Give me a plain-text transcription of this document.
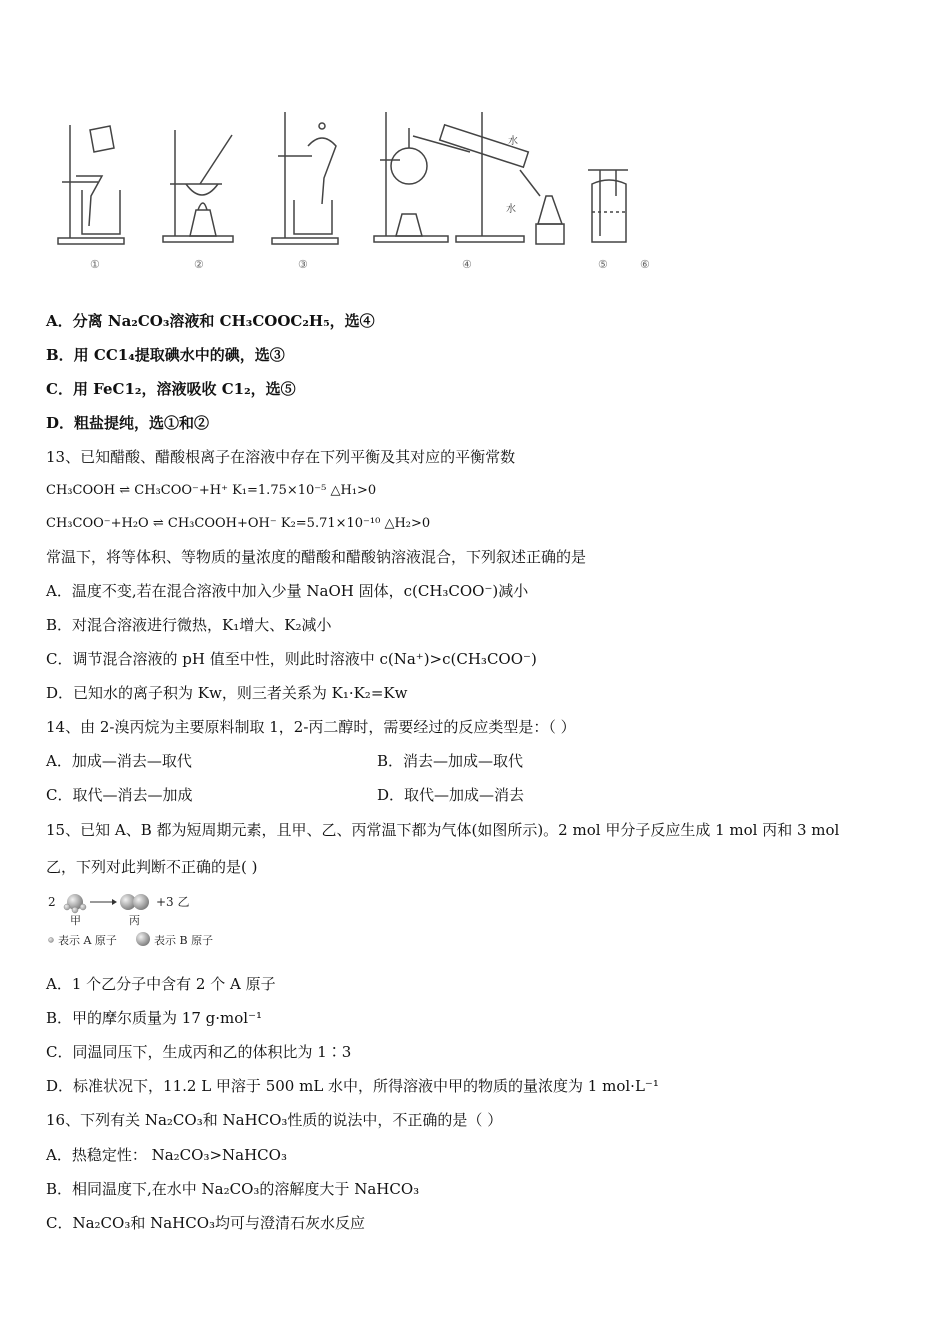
水
水
①	②	③	④	⑤	⑥
A．分离 Na₂CO₃溶液和 CH₃COOC₂H₅，选④
B．用 CC1₄提取碘水中的碘，选③
C．用 FeC1₂，溶液吸收 C1₂，选⑤
D．粗盐提纯，选①和②
13、已知醋酸、醋酸根离子在溶液中存在下列平衡及其对应的平衡常数
CH₃COOH ⇌ CH₃COO⁻+H⁺ K₁=1.75×10⁻⁵ △H₁>0
CH₃COO⁻+H₂O ⇌ CH₃COOH+OH⁻ K₂=5.71×10⁻¹⁰ △H₂>0
常温下，将等体积、等物质的量浓度的醋酸和醋酸钠溶液混合，下列叙述正确的是
A．温度不变,若在混合溶液中加入少量 NaOH 固体，c(CH₃COO⁻)减小
B．对混合溶液进行微热，K₁增大、K₂减小
C．调节混合溶液的 pH 值至中性，则此时溶液中 c(Na⁺)>c(CH₃COO⁻)
D．已知水的离子积为 Kw，则三者关系为 K₁·K₂=Kw
14、由 2-溴丙烷为主要原料制取 1，2-丙二醇时，需要经过的反应类型是：（ ）
A．加成—消去—取代	B．消去—加成—取代
C．取代—消去—加成	D．取代—加成—消去
15、已知 A、B 都为短周期元素，且甲、乙、丙常温下都为气体(如图所示)。2 mol 甲分子反应生成 1 mol 丙和 3 mol
乙，下列对此判断不正确的是( )
2	+3 乙
甲	丙
表示 A 原子	表示 B 原子
A．1 个乙分子中含有 2 个 A 原子
B．甲的摩尔质量为 17 g·mol⁻¹
C．同温同压下，生成丙和乙的体积比为 1∶3
D．标准状况下，11.2 L 甲溶于 500 mL 水中，所得溶液中甲的物质的量浓度为 1 mol·L⁻¹
16、下列有关 Na₂CO₃和 NaHCO₃性质的说法中，不正确的是（ ）
A．热稳定性： Na₂CO₃>NaHCO₃
B．相同温度下,在水中 Na₂CO₃的溶解度大于 NaHCO₃
C．Na₂CO₃和 NaHCO₃均可与澄清石灰水反应
